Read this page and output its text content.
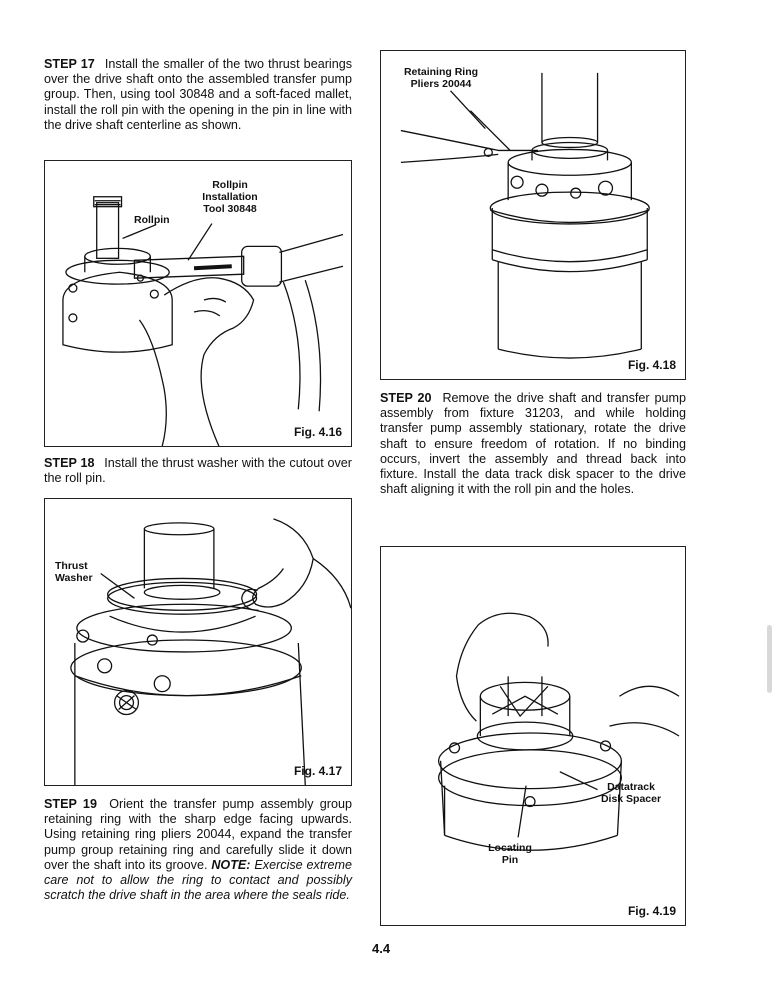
STEP 17 Install the smaller of the two thrust bearings over the drive shaft onto the assembled transfer pump group. Then, using tool 30848 and a soft-faced mallet, install the roll pin with the opening in the pin in line with the drive shaft centerline as shown.

Rollpin Installation Tool 30848
Rollpin
Fig. 4.16

STEP 18 Install the thrust washer with the cutout over the roll pin.

Thrust Washer
Fig. 4.17

STEP 19 Orient the transfer pump assembly group retaining ring with the sharp edge facing upwards. Using retaining ring pliers 20044, expand the transfer pump group retaining ring and carefully slide it down over the shaft into its groove. NOTE: Exercise extreme care not to allow the ring to contact and possibly scratch the drive shaft in the area where the seals ride.

Retaining Ring Pliers 20044
Fig. 4.18

STEP 20 Remove the drive shaft and transfer pump assembly from fixture 31203, and while holding transfer pump assembly stationary, rotate the drive shaft to ensure freedom of rotation. If no binding occurs, invert the assembly and thread back into fixture. Install the data track disk spacer to the drive shaft aligning it with the roll pin and the holes.

Datatrack Disk Spacer
Locating Pin
Fig. 4.19
4.4
